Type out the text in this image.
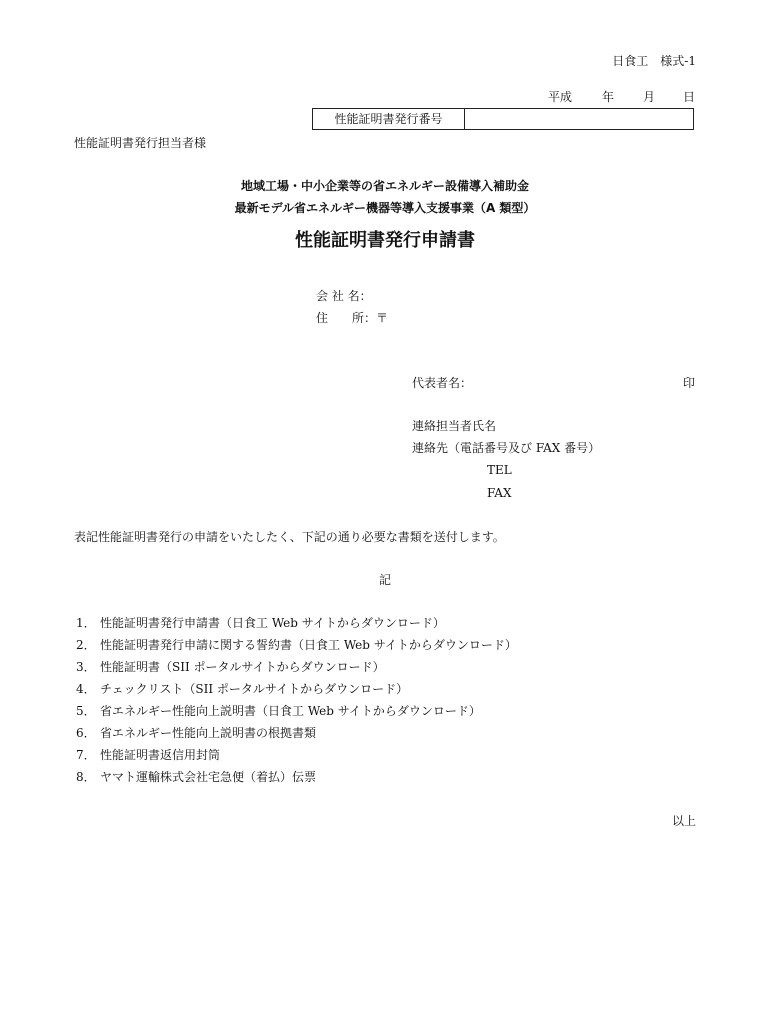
日食工　様式-1
平成 年 月 日
性能証明書発行番号
性能証明書発行担当者様
地域工場・中小企業等の省エネルギー設備導入補助金
最新モデル省エネルギー機器等導入支援事業（A 類型）
性能証明書発行申請書
会 社 名：
住　　所：〒
代表者名：	印
連絡担当者氏名
連絡先（電話番号及び FAX 番号）
TEL
FAX
表記性能証明書発行の申請をいたしたく、下記の通り必要な書類を送付します。
記
1． 性能証明書発行申請書（日食工 Web サイトからダウンロード）
2． 性能証明書発行申請に関する誓約書（日食工 Web サイトからダウンロード）
3． 性能証明書（SII ポータルサイトからダウンロード）
4． チェックリスト（SII ポータルサイトからダウンロード）
5． 省エネルギー性能向上説明書（日食工 Web サイトからダウンロード）
6． 省エネルギー性能向上説明書の根拠書類
7． 性能証明書返信用封筒
8． ヤマト運輸株式会社宅急便（着払）伝票
以上
